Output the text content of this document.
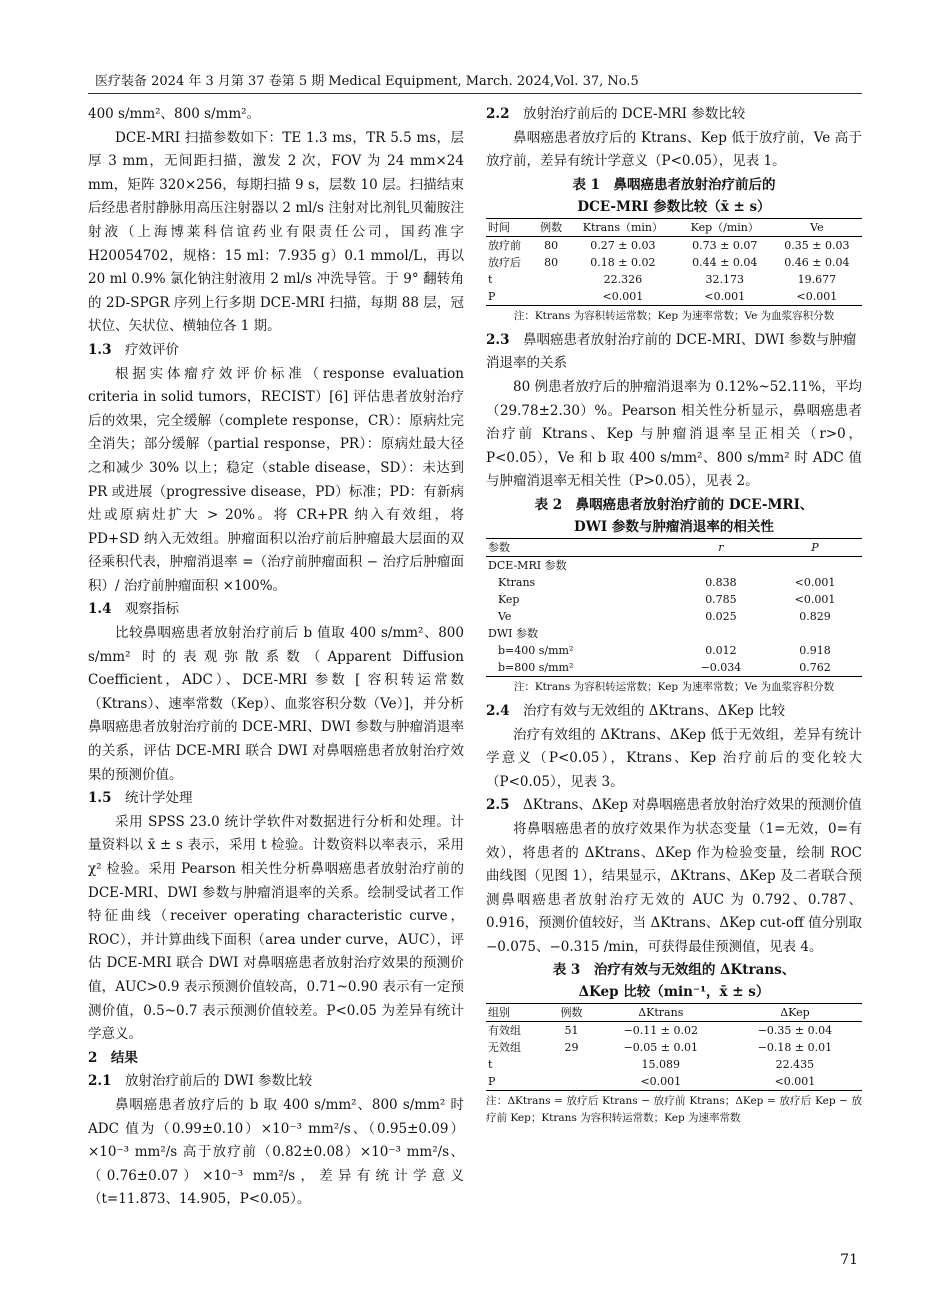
医疗装备 2024 年 3 月第 37 卷第 5 期 Medical Equipment, March. 2024,Vol. 37, No.5

400 s/mm²、800 s/mm²。

DCE-MRI 扫描参数如下：TE 1.3 ms，TR 5.5 ms，层厚 3 mm，无间距扫描，激发 2 次，FOV 为 24 mm×24 mm，矩阵 320×256，每期扫描 9 s，层数 10 层。扫描结束后经患者肘静脉用高压注射器以 2 ml/s 注射对比剂钆贝葡胺注射液（上海博莱科信谊药业有限责任公司，国药准字 H20054702，规格：15 ml：7.935 g）0.1 mmol/L，再以 20 ml 0.9% 氯化钠注射液用 2 ml/s 冲洗导管。于 9° 翻转角的 2D-SPGR 序列上行多期 DCE-MRI 扫描，每期 88 层，冠状位、矢状位、横轴位各 1 期。

1.3　 疗效评价

根据实体瘤疗效评价标准（response evaluation criteria in solid tumors，RECIST）[6] 评估患者放射治疗后的效果，完全缓解（complete response，CR）：原病灶完全消失；部分缓解（partial response，PR）：原病灶最大径之和减少 30% 以上；稳定（stable disease，SD）：未达到 PR 或进展（progressive disease，PD）标准；PD：有新病灶或原病灶扩大 > 20%。将 CR+PR 纳入有效组，将 PD+SD 纳入无效组。肿瘤面积以治疗前后肿瘤最大层面的双径乘积代表，肿瘤消退率 =（治疗前肿瘤面积 − 治疗后肿瘤面积）/ 治疗前肿瘤面积 ×100%。

1.4　 观察指标

比较鼻咽癌患者放射治疗前后 b 值取 400 s/mm²、800 s/mm² 时的表观弥散系数（Apparent Diffusion Coefficient，ADC）、DCE-MRI 参数 [ 容积转运常数（Ktrans）、速率常数（Kep）、血浆容积分数（Ve）]，并分析鼻咽癌患者放射治疗前的 DCE-MRI、DWI 参数与肿瘤消退率的关系，评估 DCE-MRI 联合 DWI 对鼻咽癌患者放射治疗效果的预测价值。

1.5　 统计学处理

采用 SPSS 23.0 统计学软件对数据进行分析和处理。计量资料以 x̄ ± s 表示，采用 t 检验。计数资料以率表示，采用 χ² 检验。采用 Pearson 相关性分析鼻咽癌患者放射治疗前的 DCE-MRI、DWI 参数与肿瘤消退率的关系。绘制受试者工作特征曲线（receiver operating characteristic curve，ROC），并计算曲线下面积（area under curve，AUC），评估 DCE-MRI 联合 DWI 对鼻咽癌患者放射治疗效果的预测价值，AUC>0.9 表示预测价值较高，0.71~0.90 表示有一定预测价值，0.5~0.7 表示预测价值较差。P<0.05 为差异有统计学意义。

2　 结果
2.1　 放射治疗前后的 DWI 参数比较

鼻咽癌患者放疗后的 b 取 400 s/mm²、800 s/mm² 时 ADC 值为（0.99±0.10）×10⁻³ mm²/s、（0.95±0.09）×10⁻³ mm²/s 高于放疗前（0.82±0.08）×10⁻³ mm²/s、（0.76±0.07）×10⁻³ mm²/s，差异有统计学意义（t=11.873、14.905，P<0.05）。

2.2　 放射治疗前后的 DCE-MRI 参数比较

鼻咽癌患者放疗后的 Ktrans、Kep 低于放疗前，Ve 高于放疗前，差异有统计学意义（P<0.05），见表 1。

表 1　鼻咽癌患者放射治疗前后的
DCE-MRI 参数比较（x̄ ± s）
时间	例数	Ktrans（min）	Kep（/min）	Ve
放疗前	80	0.27 ± 0.03	0.73 ± 0.07	0.35 ± 0.03
放疗后	80	0.18 ± 0.02	0.44 ± 0.04	0.46 ± 0.04
t		22.326	32.173	19.677
P		<0.001	<0.001	<0.001
注：Ktrans 为容积转运常数；Kep 为速率常数；Ve 为血浆容积分数
2.3　 鼻咽癌患者放射治疗前的 DCE-MRI、DWI 参数与肿瘤消退率的关系

80 例患者放疗后的肿瘤消退率为 0.12%~52.11%，平均（29.78±2.30）%。Pearson 相关性分析显示，鼻咽癌患者治疗前 Ktrans、Kep 与肿瘤消退率呈正相关（r>0，P<0.05），Ve 和 b 取 400 s/mm²、800 s/mm² 时 ADC 值与肿瘤消退率无相关性（P>0.05），见表 2。

表 2　鼻咽癌患者放射治疗前的 DCE-MRI、
DWI 参数与肿瘤消退率的相关性
参数	r	P
DCE-MRI 参数		
Ktrans	0.838	<0.001
Kep	0.785	<0.001
Ve	0.025	0.829
DWI 参数		
b=400 s/mm²	0.012	0.918
b=800 s/mm²	−0.034	0.762
注：Ktrans 为容积转运常数；Kep 为速率常数；Ve 为血浆容积分数
2.4　 治疗有效与无效组的 ΔKtrans、ΔKep 比较

治疗有效组的 ΔKtrans、ΔKep 低于无效组，差异有统计学意义（P<0.05），Ktrans、Kep 治疗前后的变化较大（P<0.05），见表 3。

2.5　 ΔKtrans、ΔKep 对鼻咽癌患者放射治疗效果的预测价值

将鼻咽癌患者的放疗效果作为状态变量（1=无效，0=有效），将患者的 ΔKtrans、ΔKep 作为检验变量，绘制 ROC 曲线图（见图 1），结果显示，ΔKtrans、ΔKep 及二者联合预测鼻咽癌患者放射治疗无效的 AUC 为 0.792、0.787、0.916，预测价值较好，当 ΔKtrans、ΔKep cut-off 值分别取 −0.075、−0.315 /min，可获得最佳预测值，见表 4。

表 3　治疗有效与无效组的 ΔKtrans、
ΔKep 比较（min⁻¹，x̄ ± s）
组别	例数	ΔKtrans	ΔKep
有效组	51	−0.11 ± 0.02	−0.35 ± 0.04
无效组	29	−0.05 ± 0.01	−0.18 ± 0.01
t		15.089	22.435
P		<0.001	<0.001
注：ΔKtrans = 放疗后 Ktrans − 放疗前 Ktrans；ΔKep = 放疗后 Kep − 放疗前 Kep；Ktrans 为容积转运常数；Kep 为速率常数
71
